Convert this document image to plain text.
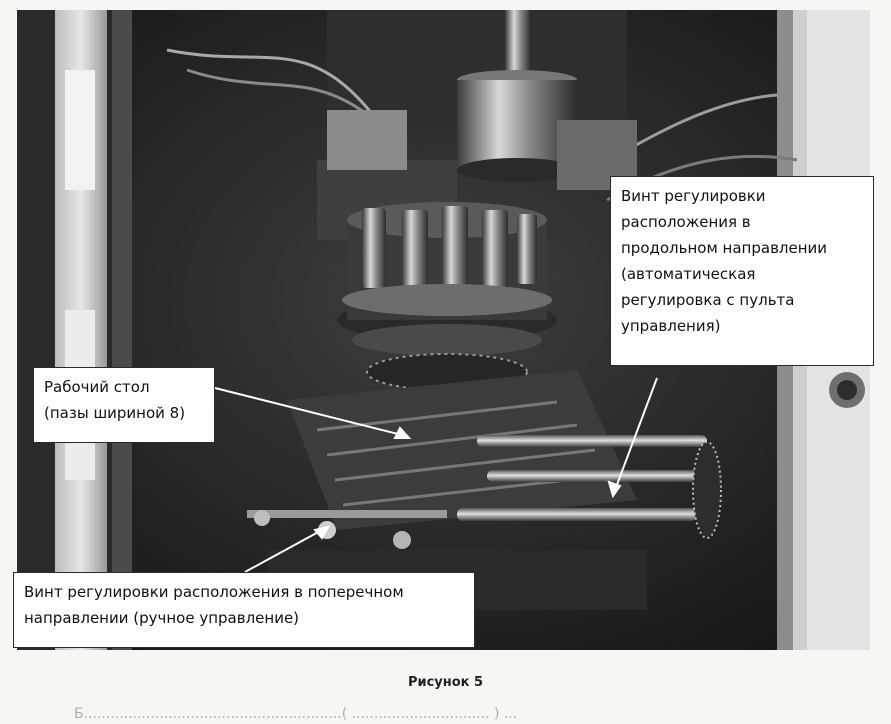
Винт регулировки
расположения в
продольном направлении
(автоматическая
регулировка с пульта
управления)
Рабочий стол
(пазы шириной 8)
Винт регулировки расположения в поперечном
направлении (ручное управление)
Рисунок 5
Б..........................................................( ............................... ) ...
